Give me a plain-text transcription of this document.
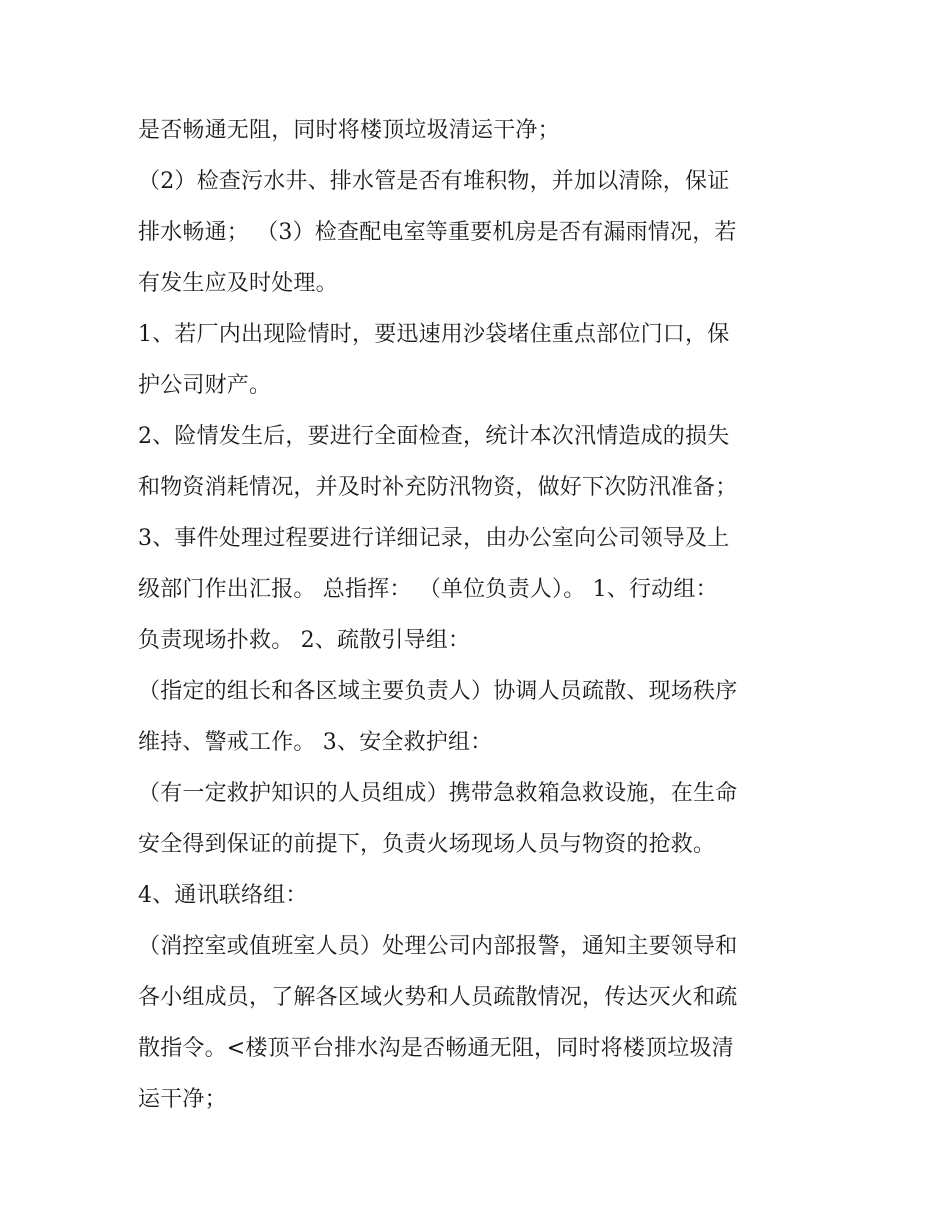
是否畅通无阻，同时将楼顶垃圾清运干净；
（2）检查污水井、排水管是否有堆积物，并加以清除，保证
排水畅通； （3）检查配电室等重要机房是否有漏雨情况，若
有发生应及时处理。
1、若厂内出现险情时，要迅速用沙袋堵住重点部位门口，保
护公司财产。
2、险情发生后，要进行全面检查，统计本次汛情造成的损失
和物资消耗情况，并及时补充防汛物资，做好下次防汛准备；
3、事件处理过程要进行详细记录，由办公室向公司领导及上
级部门作出汇报。 总指挥： （单位负责人）。 1、行动组：
负责现场扑救。 2、疏散引导组：
（指定的组长和各区域主要负责人）协调人员疏散、现场秩序
维持、警戒工作。 3、安全救护组：
（有一定救护知识的人员组成）携带急救箱急救设施，在生命
安全得到保证的前提下，负责火场现场人员与物资的抢救。
4、通讯联络组：
（消控室或值班室人员）处理公司内部报警，通知主要领导和
各小组成员，了解各区域火势和人员疏散情况，传达灭火和疏
散指令。<楼顶平台排水沟是否畅通无阻，同时将楼顶垃圾清
运干净；
